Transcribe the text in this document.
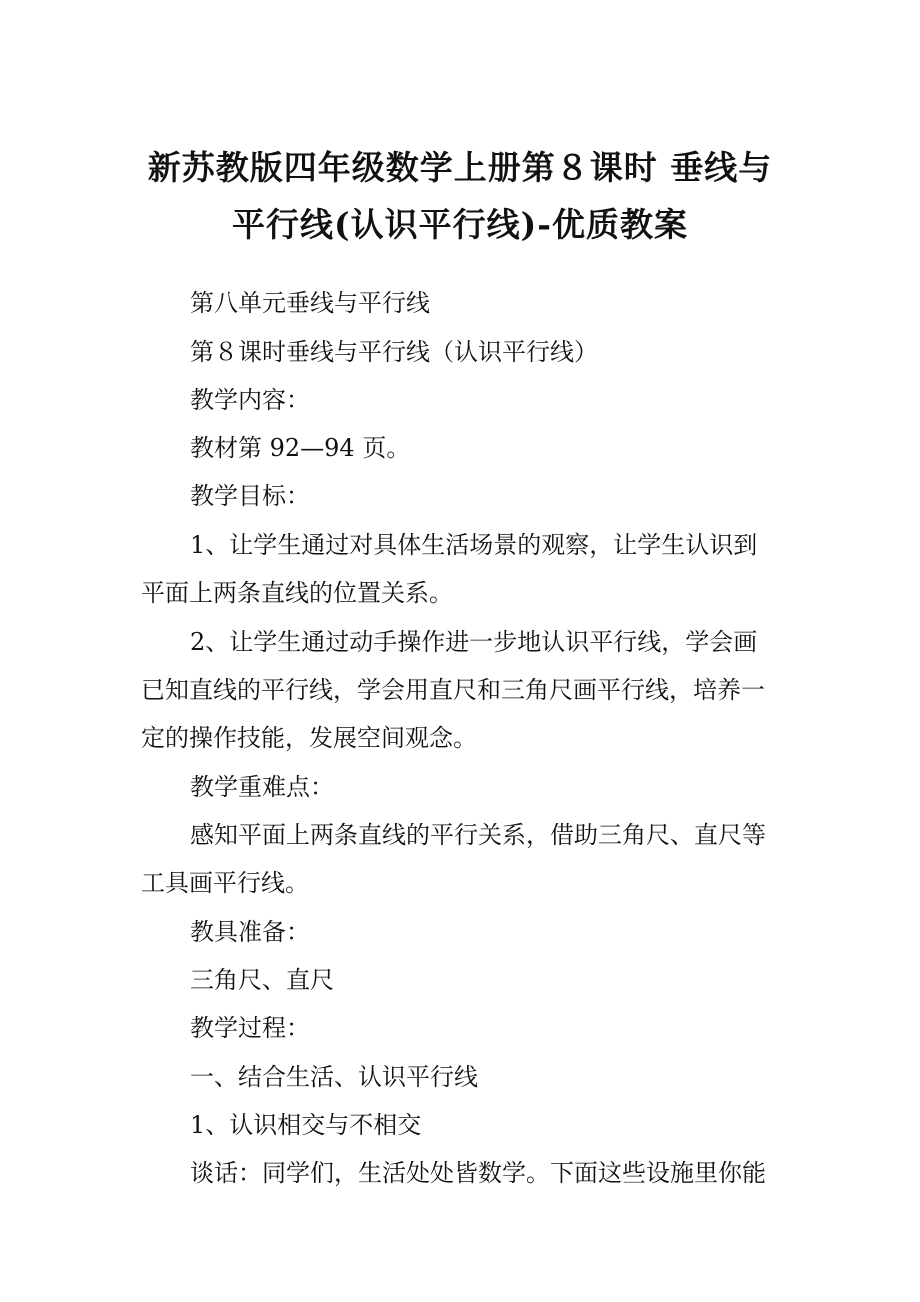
新苏教版四年级数学上册第８课时 垂线与
平行线(认识平行线)-优质教案
第八单元垂线与平行线
第８课时垂线与平行线（认识平行线）
教学内容：
教材第 92—94 页。
教学目标：
1、让学生通过对具体生活场景的观察，让学生认识到
平面上两条直线的位置关系。
2、让学生通过动手操作进一步地认识平行线，学会画
已知直线的平行线，学会用直尺和三角尺画平行线，培养一
定的操作技能，发展空间观念。
教学重难点：
感知平面上两条直线的平行关系，借助三角尺、直尺等
工具画平行线。
教具准备：
三角尺、直尺
教学过程：
一、结合生活、认识平行线
1、认识相交与不相交
谈话：同学们，生活处处皆数学。下面这些设施里你能
